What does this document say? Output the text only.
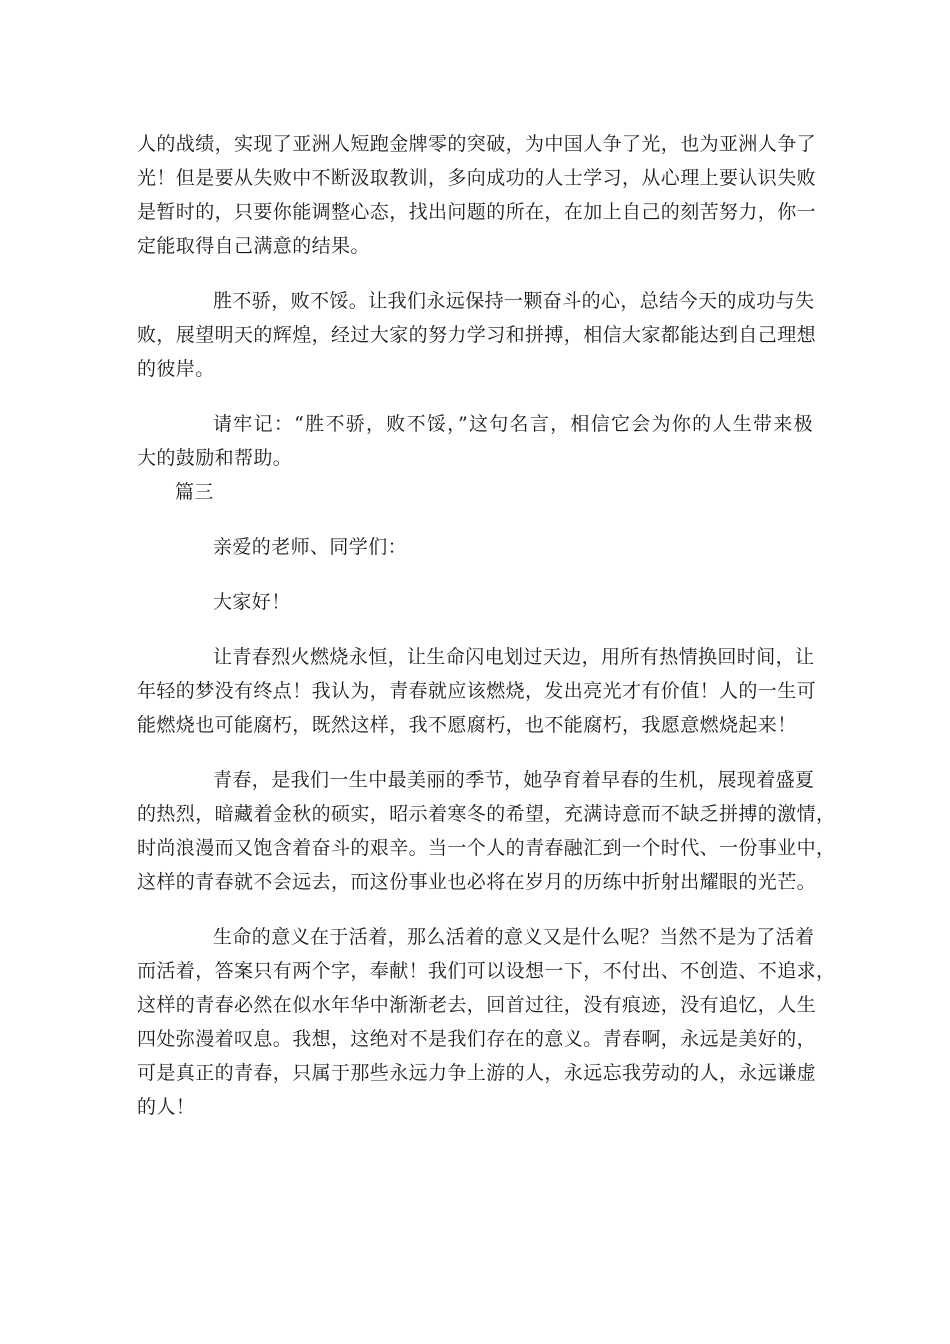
人的战绩，实现了亚洲人短跑金牌零的突破，为中国人争了光，也为亚洲人争了
光！但是要从失败中不断汲取教训，多向成功的人士学习，从心理上要认识失败
是暂时的，只要你能调整心态，找出问题的所在，在加上自己的刻苦努力，你一
定能取得自己满意的结果。

胜不骄，败不馁。让我们永远保持一颗奋斗的心，总结今天的成功与失
败，展望明天的辉煌，经过大家的努力学习和拼搏，相信大家都能达到自己理想
的彼岸。

请牢记：“胜不骄，败不馁，”这句名言，相信它会为你的人生带来极
大的鼓励和帮助。

篇三

亲爱的老师、同学们：

大家好！

让青春烈火燃烧永恒，让生命闪电划过天边，用所有热情换回时间，让
年轻的梦没有终点！我认为，青春就应该燃烧，发出亮光才有价值！人的一生可
能燃烧也可能腐朽，既然这样，我不愿腐朽，也不能腐朽，我愿意燃烧起来！

青春，是我们一生中最美丽的季节，她孕育着早春的生机，展现着盛夏
的热烈，暗藏着金秋的硕实，昭示着寒冬的希望，充满诗意而不缺乏拼搏的激情，
时尚浪漫而又饱含着奋斗的艰辛。当一个人的青春融汇到一个时代、一份事业中，
这样的青春就不会远去，而这份事业也必将在岁月的历练中折射出耀眼的光芒。

生命的意义在于活着，那么活着的意义又是什么呢？当然不是为了活着
而活着，答案只有两个字，奉献！我们可以设想一下，不付出、不创造、不追求，
这样的青春必然在似水年华中渐渐老去，回首过往，没有痕迹，没有追忆，人生
四处弥漫着叹息。我想，这绝对不是我们存在的意义。青春啊，永远是美好的，
可是真正的青春，只属于那些永远力争上游的人，永远忘我劳动的人，永远谦虚
的人！
